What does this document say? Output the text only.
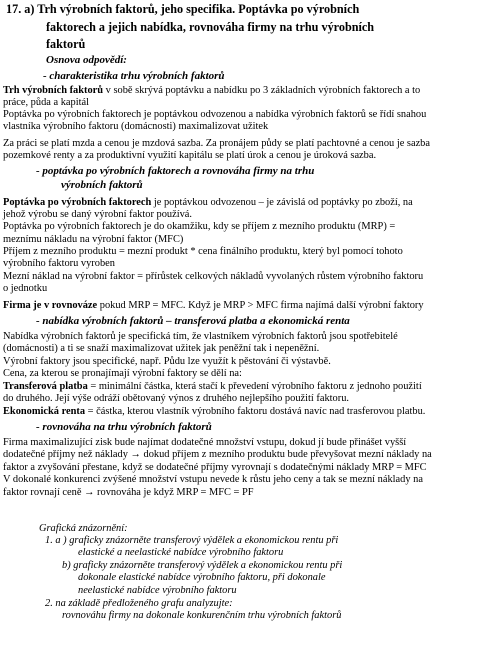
17. a) Trh výrobních faktorů, jeho specifika. Poptávka po výrobních
faktorech a jejich nabídka, rovnováha firmy na trhu výrobních
faktorů
Osnova odpovědí:
- charakteristika trhu výrobních faktorů
Trh výrobních faktorů v sobě skrývá poptávku a nabídku po 3 základních výrobních faktorech a to
práce, půda a kapitál
Poptávka po výrobních faktorech je poptávkou odvozenou a nabídka výrobních faktorů se řídí snahou
vlastníka výrobního faktoru (domácnosti) maximalizovat užitek
Za práci se platí mzda a cenou je mzdová sazba. Za pronájem půdy se platí pachtovné a cenou je sazba
pozemkové renty a za produktivní využití kapitálu se platí úrok a cenou je úroková sazba.
- poptávka po výrobních faktorech a rovnováha firmy na trhu
výrobních faktorů
Poptávka po výrobních faktorech je poptávkou odvozenou – je závislá od poptávky po zboží, na
jehož výrobu se daný výrobní faktor používá.
Poptávka po výrobních faktorech je do okamžiku, kdy se příjem z mezního produktu (MRP) =
meznímu nákladu na výrobní faktor (MFC)
Příjem z mezního produktu = mezní produkt * cena finálního produktu, který byl pomocí tohoto
výrobního faktoru vyroben
Mezní náklad na výrobní faktor = přírůstek celkových nákladů vyvolaných růstem výrobního faktoru
o jednotku
Firma je v rovnováze pokud MRP = MFC. Když je MRP > MFC firma najímá další výrobní faktory
- nabídka výrobních faktorů – transferová platba a ekonomická renta
Nabídka výrobních faktorů je specifická tím, že vlastníkem výrobních faktorů jsou spotřebitelé
(domácnosti) a ti se snaží maximalizovat užitek jak peněžní tak i nepeněžní.
Výrobní faktory jsou specifické, např. Půdu lze využít k pěstování či výstavbě.
Cena, za kterou se pronajímají výrobní faktory se dělí na:
Transferová platba = minimální částka, která stačí k převedení výrobního faktoru z jednoho použití
do druhého. Její výše odráží obětovaný výnos z druhého nejlepšího použití faktoru.
Ekonomická renta = částka, kterou vlastník výrobního faktoru dostává navíc nad trasferovou platbu.
- rovnováha na trhu výrobních faktorů
Firma maximalizující zisk bude najímat dodatečné množství vstupu, dokud jí bude přinášet vyšší
dodatečné příjmy než náklady → dokud příjem z mezního produktu bude převyšovat mezní náklady na
faktor a zvyšování přestane, když se dodatečné příjmy vyrovnají s dodatečnými náklady MRP = MFC
V dokonalé konkurenci zvýšené množství vstupu nevede k růstu jeho ceny a tak se mezní náklady na
faktor rovnají ceně → rovnováha je když MRP = MFC = PF
Grafická znázornění:
1. a ) graficky znázorněte transferový výdělek a ekonomickou rentu při
elastické a neelastické nabídce výrobního faktoru
b) graficky znázorněte transferový výdělek a ekonomickou rentu při
dokonale elastické nabídce výrobního faktoru, při dokonale
neelastické nabídce výrobního faktoru
2. na základě předloženého grafu analyzujte:
rovnováhu firmy na dokonale konkurenčním trhu výrobních faktorů
